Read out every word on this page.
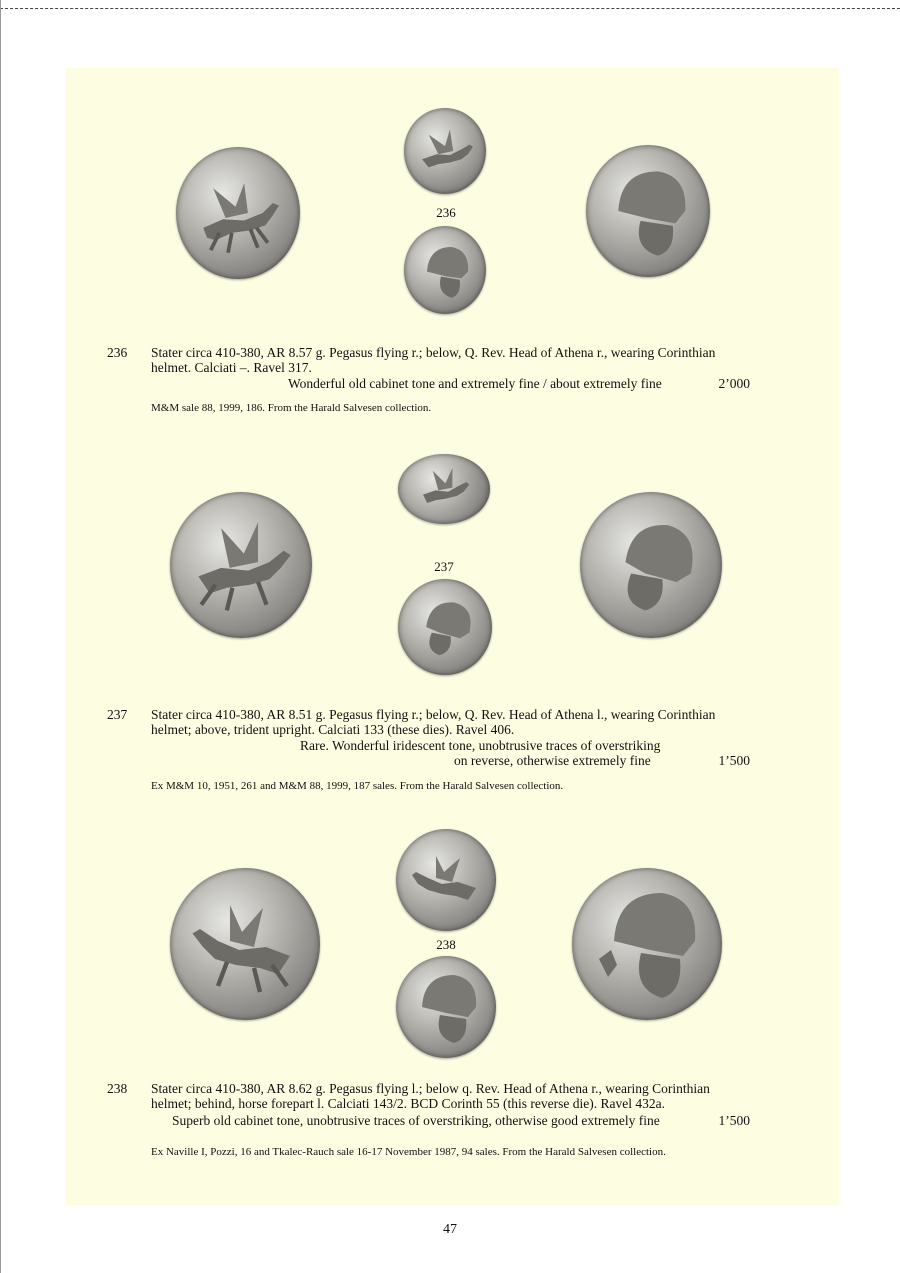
236
236 Stater circa 410-380, AR 8.57 g. Pegasus flying r.; below, Q. Rev. Head of Athena r., wearing Corinthian
helmet. Calciati –. Ravel 317.
Wonderful old cabinet tone and extremely fine / about extremely fine	2’000
M&M sale 88, 1999, 186. From the Harald Salvesen collection.
237
237 Stater circa 410-380, AR 8.51 g. Pegasus flying r.; below, Q. Rev. Head of Athena l., wearing Corinthian
helmet; above, trident upright. Calciati 133 (these dies). Ravel 406.
Rare. Wonderful iridescent tone, unobtrusive traces of overstriking
on reverse, otherwise extremely fine	1’500
Ex M&M 10, 1951, 261 and M&M 88, 1999, 187 sales. From the Harald Salvesen collection.
238
238 Stater circa 410-380, AR 8.62 g. Pegasus flying l.; below q. Rev. Head of Athena r., wearing Corinthian
helmet; behind, horse forepart l. Calciati 143/2. BCD Corinth 55 (this reverse die). Ravel 432a.
Superb old cabinet tone, unobtrusive traces of overstriking, otherwise good extremely fine	1’500
Ex Naville I, Pozzi, 16 and Tkalec-Rauch sale 16-17 November 1987, 94 sales. From the Harald Salvesen collection.
47
